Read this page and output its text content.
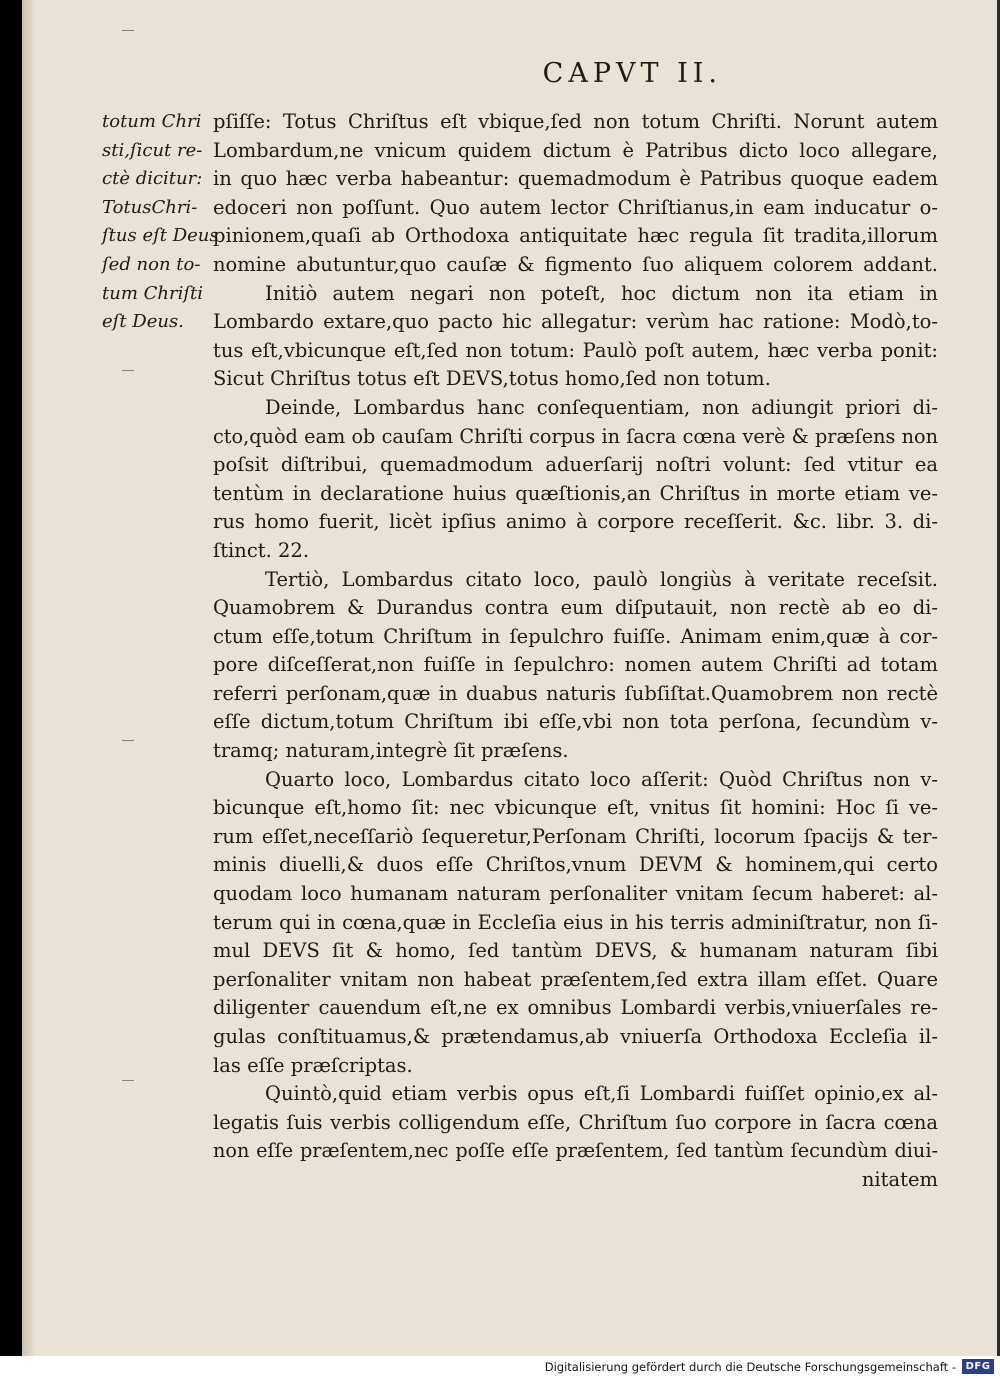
CAPVT II.
totum Chri
sti,ſicut re-
ctè dicitur:
TotusChri-
ſtus eſt Deus
ſed non to-
tum Chriſti
eſt Deus.
pſiſſe: Totus Chriſtus eſt vbique,ſed non totum Chriſti. Norunt autem
Lombardum,ne vnicum quidem dictum è Patribus dicto loco allegare,
in quo hæc verba habeantur: quemadmodum è Patribus quoque eadem
edoceri non poſſunt. Quo autem lector Chriſtianus,in eam inducatur o-
pinionem,quaſi ab Orthodoxa antiquitate hæc regula ſit tradita,illorum
nomine abutuntur,quo cauſæ & figmento ſuo aliquem colorem addant.
Initiò autem negari non poteſt, hoc dictum non ita etiam in
Lombardo extare,quo pacto hic allegatur: verùm hac ratione: Modò,to-
tus eſt,vbicunque eſt,ſed non totum: Paulò poſt autem, hæc verba ponit:
Sicut Chriſtus totus eſt DEVS,totus homo,ſed non totum.
Deinde, Lombardus hanc conſequentiam, non adiungit priori di-
cto,quòd eam ob cauſam Chriſti corpus in ſacra cœna verè & præſens non
poſsit diſtribui, quemadmodum aduerſarij noſtri volunt: ſed vtitur ea
tentùm in declaratione huius quæſtionis,an Chriſtus in morte etiam ve-
rus homo fuerit, licèt ipſius animo à corpore receſſerit. &c. libr. 3. di-
ſtinct. 22.
Tertiò, Lombardus citato loco, paulò longiùs à veritate receſsit.
Quamobrem & Durandus contra eum diſputauit, non rectè ab eo di-
ctum eſſe,totum Chriſtum in ſepulchro fuiſſe. Animam enim,quæ à cor-
pore diſceſſerat,non fuiſſe in ſepulchro: nomen autem Chriſti ad totam
referri perſonam,quæ in duabus naturis ſubſiſtat.Quamobrem non rectè
eſſe dictum,totum Chriſtum ibi eſſe,vbi non tota perſona, ſecundùm v-
tramq; naturam,integrè ſit præſens.
Quarto loco, Lombardus citato loco aſſerit: Quòd Chriſtus non v-
bicunque eſt,homo ſit: nec vbicunque eſt, vnitus ſit homini: Hoc ſi ve-
rum eſſet,neceſſariò ſequeretur,Perſonam Chriſti, locorum ſpacijs & ter-
minis diuelli,& duos eſſe Chriſtos,vnum DEVM & hominem,qui certo
quodam loco humanam naturam perſonaliter vnitam ſecum haberet: al-
terum qui in cœna,quæ in Eccleſia eius in his terris adminiſtratur, non ſi-
mul DEVS ſit & homo, ſed tantùm DEVS, & humanam naturam ſibi
perſonaliter vnitam non habeat præſentem,ſed extra illam eſſet. Quare
diligenter cauendum eſt,ne ex omnibus Lombardi verbis,vniuerſales re-
gulas conſtituamus,& prætendamus,ab vniuerſa Orthodoxa Eccleſia il-
las eſſe præſcriptas.
Quintò,quid etiam verbis opus eſt,ſi Lombardi fuiſſet opinio,ex al-
legatis ſuis verbis colligendum eſſe, Chriſtum ſuo corpore in ſacra cœna
non eſſe præſentem,nec poſſe eſſe præſentem, ſed tantùm ſecundùm diui-
nitatem
Digitalisierung gefördert durch die Deutsche Forschungsgemeinschaft - DFG
